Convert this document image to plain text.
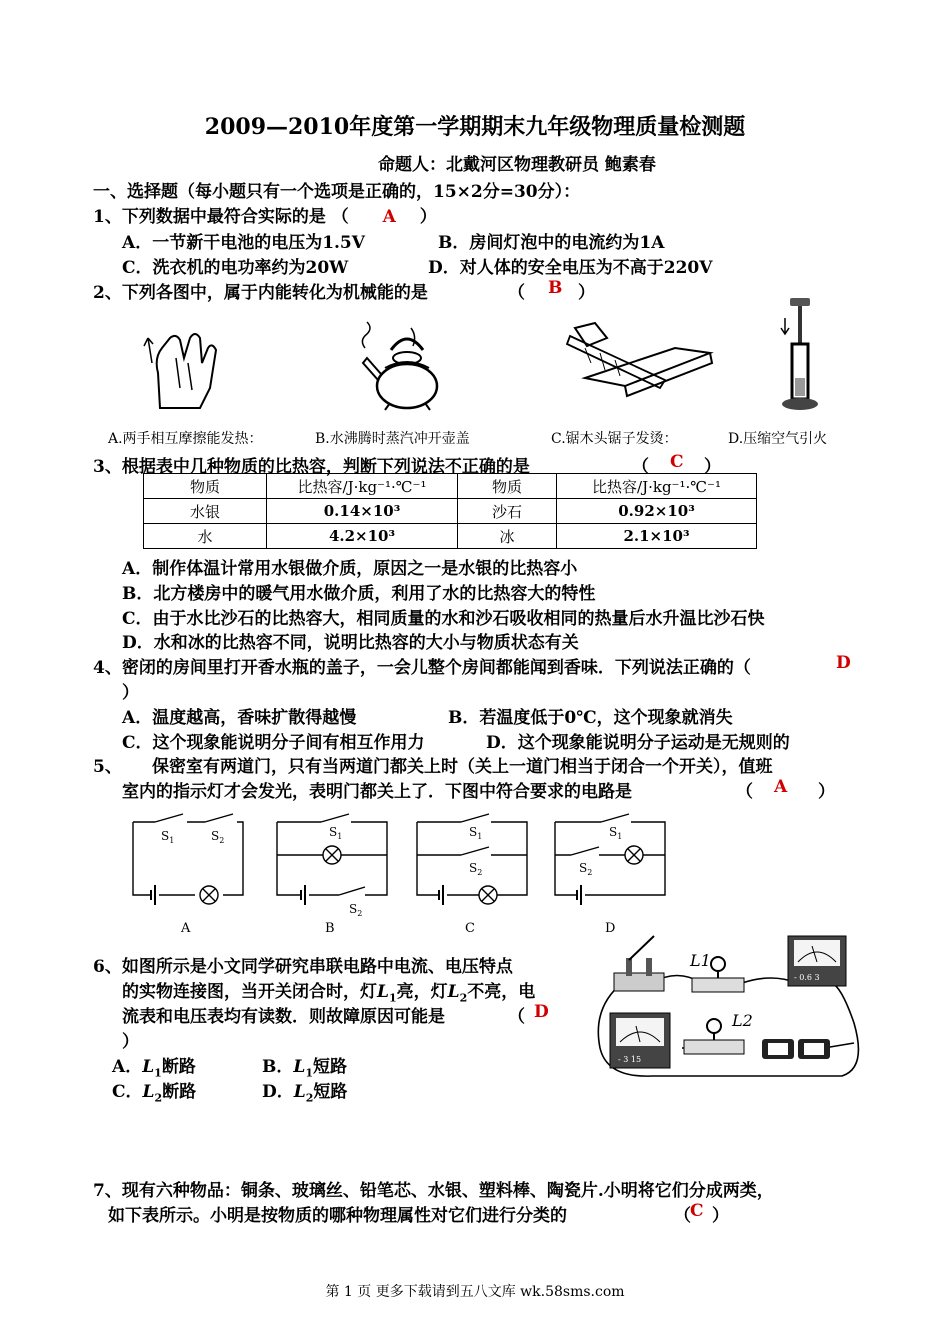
2009—2010年度第一学期期末九年级物理质量检测题
命题人：北戴河区物理教研员 鲍素春
一、选择题（每小题只有一个选项是正确的，15×2分=30分）：
1、下列数据中最符合实际的是 （ A ）
A．一节新干电池的电压为1.5V	B．房间灯泡中的电流约为1A
C．洗衣机的电功率约为20W	D．对人体的安全电压为不高于220V
2、下列各图中，属于内能转化为机械能的是	（ B ）
A.两手相互摩擦能发热：	B.水沸腾时蒸汽冲开壶盖	C.锯木头锯子发烫：	D.压缩空气引火
3、根据表中几种物质的比热容，判断下列说法不正确的是	（ C ）
物质	比热容/J·kg⁻¹·℃⁻¹	物质	比热容/J·kg⁻¹·℃⁻¹
水银	0.14×10³	沙石	0.92×10³
水	4.2×10³	冰	2.1×10³
A．制作体温计常用水银做介质，原因之一是水银的比热容小
B．北方楼房中的暖气用水做介质，利用了水的比热容大的特性
C．由于水比沙石的比热容大，相同质量的水和沙石吸收相同的热量后水升温比沙石快
D．水和冰的比热容不同，说明比热容的大小与物质状态有关
4、密闭的房间里打开香水瓶的盖子，一会儿整个房间都能闻到香味．下列说法正确的（	D
）
A．温度越高，香味扩散得越慢	B．若温度低于0℃，这个现象就消失
C．这个现象能说明分子间有相互作用力	D．这个现象能说明分子运动是无规则的
5、 保密室有两道门，只有当两道门都关上时（关上一道门相当于闭合一个开关），值班
室内的指示灯才会发光，表明门都关上了．下图中符合要求的电路是	（ A ）
$S_1$	$S_2$
$S_1$
$S_2$
$S_1$
$S_2$
$S_1$
$S_2$
A	B	C	D
6、如图所示是小文同学研究串联电路中电流、电压特点
的实物连接图，当开关闭合时，灯$L_1$亮，灯$L_2$不亮，电
流表和电压表均有读数．则故障原因可能是	（ D
）
A．$L_1$断路	B．$L_1$短路
C．$L_2$断路	D．$L_2$短路
L1
- 0.6 3
- 3 15
L2
7、现有六种物品：铜条、玻璃丝、铅笔芯、水银、塑料棒、陶瓷片.小明将它们分成两类，
如下表所示。小明是按物质的哪种物理属性对它们进行分类的	（ C ）
第 1 页 更多下载请到五八文库 wk.58sms.com
